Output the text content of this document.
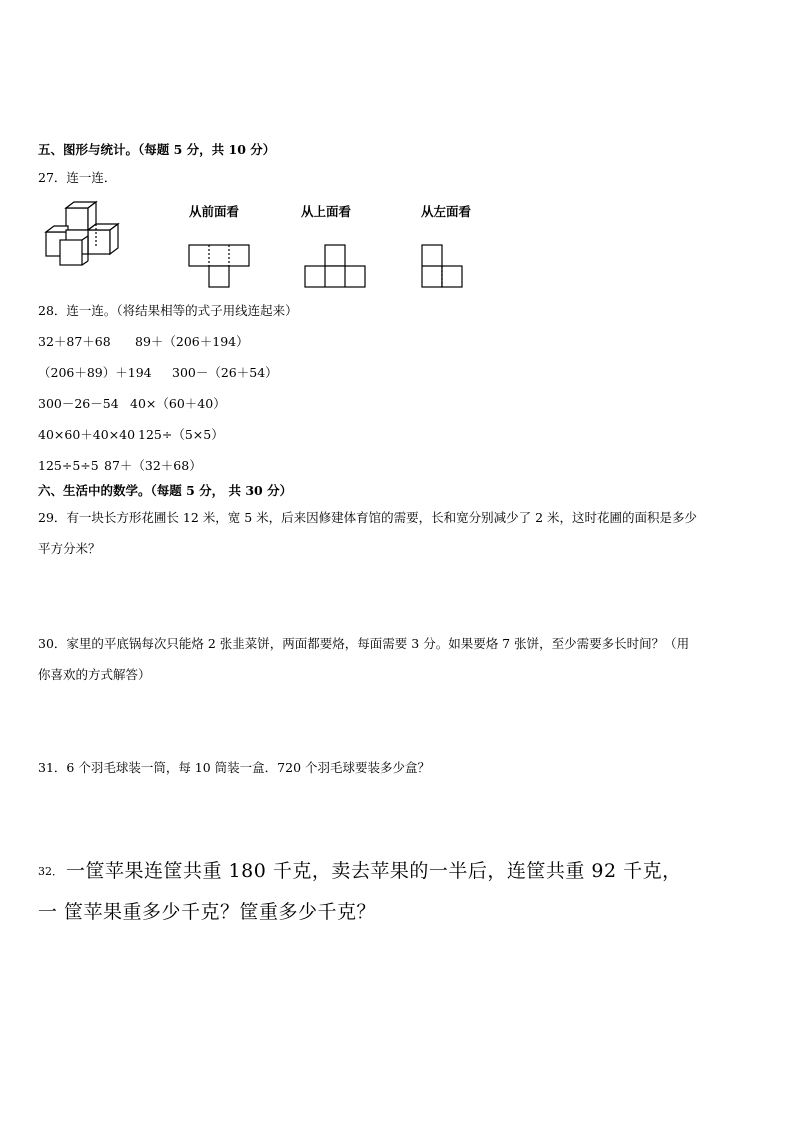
五、图形与统计。（每题 5 分，共 10 分）
27．连一连．
从前面看	从上面看	从左面看
28．连一连。（将结果相等的式子用线连起来）
32＋87＋68 89＋（206＋194）
（206＋89）＋194 300－（26＋54）
300－26－54 40×（60＋40）
40×60＋40×40 125÷（5×5）
125÷5÷5 87＋（32＋68）
六、生活中的数学。（每题 5 分， 共 30 分）
29．有一块长方形花圃长 12 米，宽 5 米，后来因修建体育馆的需要，长和宽分别减少了 2 米，这时花圃的面积是多少
平方分米？
30．家里的平底锅每次只能烙 2 张韭菜饼，两面都要烙，每面需要 3 分。如果要烙 7 张饼，至少需要多长时间？（用
你喜欢的方式解答）
31．6 个羽毛球装一筒，每 10 筒装一盒．720 个羽毛球要装多少盒？
32． 一筐苹果连筐共重 180 千克，卖去苹果的一半后，连筐共重 92 千克，
一 筐苹果重多少千克？筐重多少千克？
